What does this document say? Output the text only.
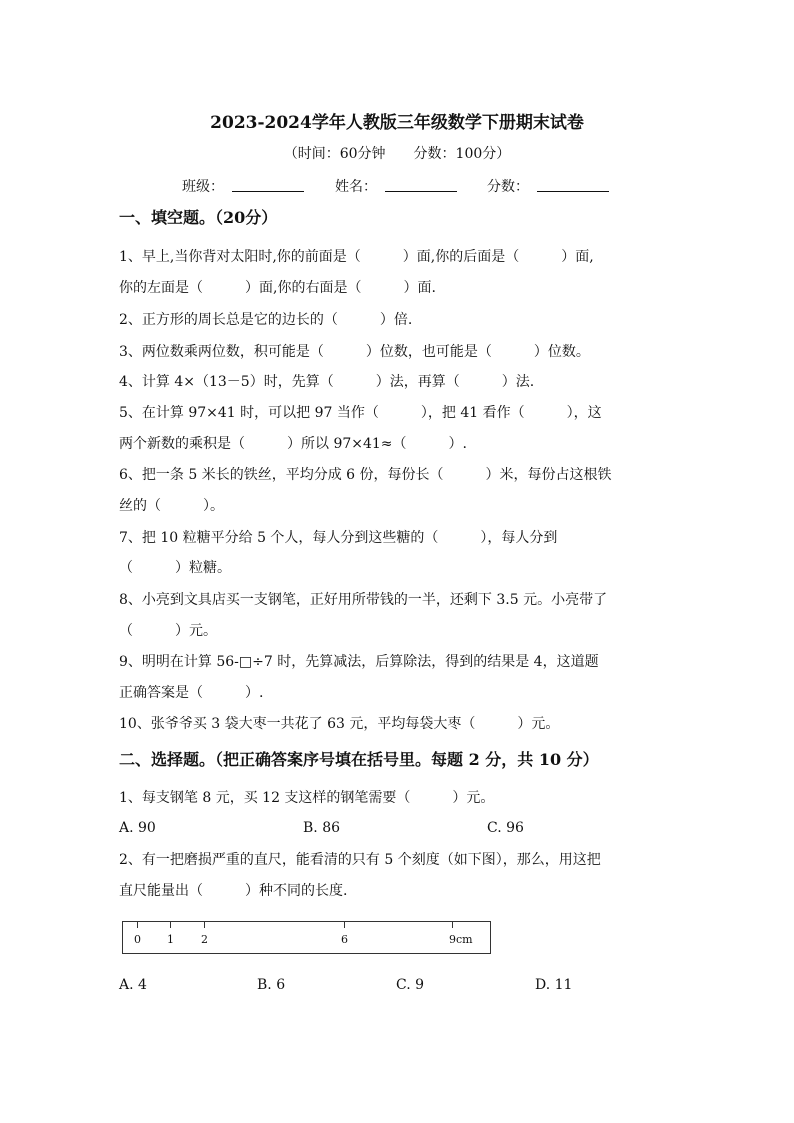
2023-2024学年人教版三年级数学下册期末试卷
（时间：60分钟　　分数：100分）
班级：	姓名：	分数：
一、填空题。（20分）
1、早上,当你背对太阳时,你的前面是（　　　）面,你的后面是（　　　）面,
你的左面是（　　　）面,你的右面是（　　　）面.
2、正方形的周长总是它的边长的（　　　）倍.
3、两位数乘两位数，积可能是（　　　）位数，也可能是（　　　）位数。
4、计算 4×（13－5）时，先算（　　　）法，再算（　　　）法.
5、在计算 97×41 时，可以把 97 当作（　　　），把 41 看作（　　　），这
两个新数的乘积是（　　　）所以 97×41≈（　　　）.
6、把一条 5 米长的铁丝，平均分成 6 份，每份长（　　　）米，每份占这根铁
丝的（　　　）。
7、把 10 粒糖平分给 5 个人，每人分到这些糖的（　　　），每人分到
（　　　）粒糖。
8、小亮到文具店买一支钢笔，正好用所带钱的一半，还剩下 3.5 元。小亮带了
（　　　）元。
9、明明在计算 56-□÷7 时，先算减法，后算除法，得到的结果是 4，这道题
正确答案是（　　　）.
10、张爷爷买 3 袋大枣一共花了 63 元，平均每袋大枣（　　　）元。
二、选择题。（把正确答案序号填在括号里。每题 2 分，共 10 分）
1、每支钢笔 8 元，买 12 支这样的钢笔需要（　　　）元。
A. 90	B. 86	C. 96
2、有一把磨损严重的直尺，能看清的只有 5 个刻度（如下图），那么，用这把
直尺能量出（　　　）种不同的长度.
0 1 2	6	9cm
A. 4	B. 6	C. 9	D. 11
